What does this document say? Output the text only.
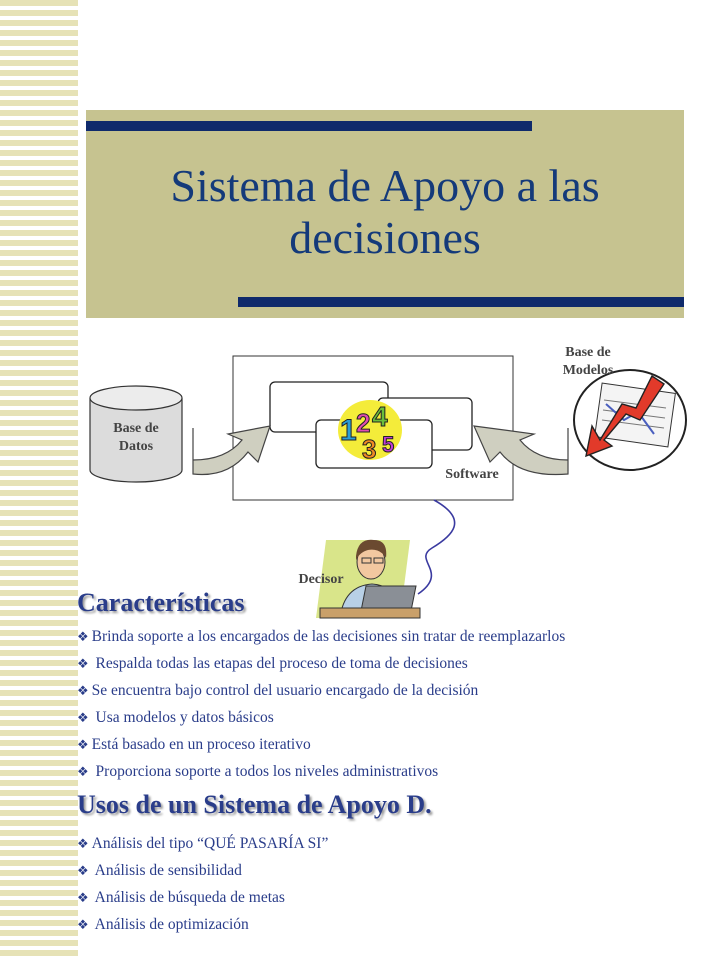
Sistema de Apoyo a las decisiones
1 2 4
3 5
Base de Datos
Base de Modelos
Software
Decisor
Características
❖ Brinda soporte a los encargados de las decisiones sin tratar de reemplazarlos
❖ Respalda todas las etapas del proceso de toma de decisiones
❖ Se encuentra bajo control del usuario encargado de la decisión
❖ Usa modelos y datos básicos
❖ Está basado en un proceso iterativo
❖ Proporciona soporte a todos los niveles administrativos
Usos de un Sistema de Apoyo D.
❖ Análisis del tipo “QUÉ PASARÍA SI”
❖ Análisis de sensibilidad
❖ Análisis de búsqueda de metas
❖ Análisis de optimización
